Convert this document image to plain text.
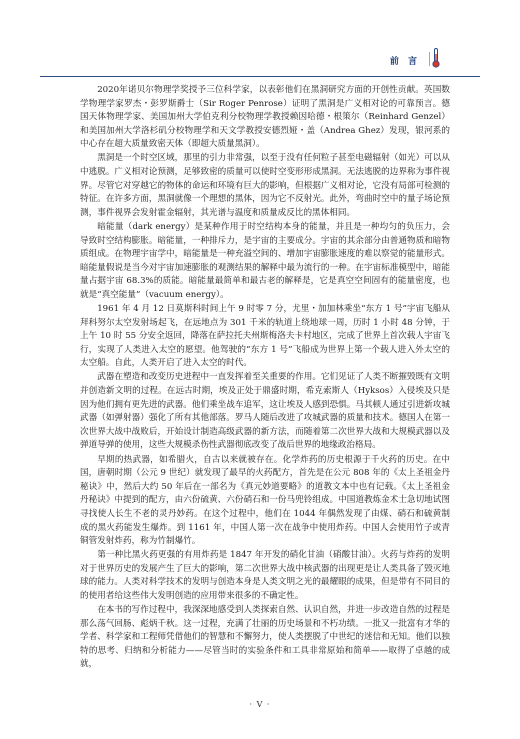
前 言

2020年诺贝尔物理学奖授予三位科学家，以表彰他们在黑洞研究方面的开创性贡献。英国数学物理学家罗杰・彭罗斯爵士（Sir Roger Penrose）证明了黑洞是广义相对论的可靠预言。德国天体物理学家、美国加州大学伯克利分校物理学教授赖因哈德・根策尔（Reinhard Genzel）和美国加州大学洛杉矶分校物理学和天文学教授安德烈娅・盖（Andrea Ghez）发现，银河系的中心存在超大质量致密天体（即超大质量黑洞）。

黑洞是一个时空区域，那里的引力非常强，以至于没有任何粒子甚至电磁辐射（如光）可以从中逃脱。广义相对论预测，足够致密的质量可以使时空变形形成黑洞。无法逃脱的边界称为事件视界。尽管它对穿越它的物体的命运和环境有巨大的影响，但根据广义相对论，它没有局部可检测的特征。在许多方面，黑洞就像一个理想的黑体，因为它不反射光。此外，弯曲时空中的量子场论预测，事件视界会发射霍金辐射，其光谱与温度和质量成反比的黑体相同。

暗能量（dark energy）是某种作用于时空结构本身的能量，并且是一种均匀的负压力，会导致时空结构膨胀。暗能量，一种排斥力，是宇宙的主要成分。宇宙的其余部分由普通物质和暗物质组成。在物理宇宙学中，暗能量是一种充溢空间的、增加宇宙膨胀速度的难以察觉的能量形式。暗能量假说是当今对宇宙加速膨胀的观测结果的解释中最为流行的一种。在宇宙标准模型中，暗能量占据宇宙 68.3%的质能。暗能量最简单和最古老的解释是，它是真空空间固有的能量密度，也就是“真空能量”（vacuum energy）。

1961 年 4 月 12 日莫斯科时间上午 9 时零 7 分，尤里・加加林乘坐“东方 1 号”宇宙飞船从拜科努尔太空发射场起飞，在远地点为 301 千米的轨道上绕地球一周，历时 1 小时 48 分钟，于上午 10 时 55 分安全返回，降落在萨拉托夫州斯梅洛夫卡村地区，完成了世界上首次载人宇宙飞行，实现了人类进入太空的愿望。他驾驶的“东方 1 号”飞船成为世界上第一个载人进入外太空的太空船。自此，人类开启了进入太空的时代。

武器在塑造和改变历史进程中一直发挥着至关重要的作用。它们见证了人类不断摧毁既有文明并创造新文明的过程。在远古时期，埃及正处于鼎盛时期，希克索斯人（Hyksos）入侵埃及只是因为他们拥有更先进的武器。他们乘坐战车追军，这让埃及人感到恐惧。马其顿人通过引进新攻城武器（如弹射器）强化了所有其他部落。罗马人随后改进了攻城武器的质量和技术。德国人在第一次世界大战中战败后，开始设计制造高级武器的新方法，而随着第二次世界大战和大规模武器以及弹道导弹的使用，这些大规模杀伤性武器彻底改变了战后世界的地缘政治格局。

早期的热武器，如希腊火，自古以来就被存在。化学炸药的历史根源于千火药的历史。在中国，唐朝时期（公元 9 世纪）就发现了最早的火药配方，首先是在公元 808 年的《太上圣祖金丹秘诀》中，然后大约 50 年后在一部名为《真元妙道要略》的道教文本中也有记载。《太上圣祖金丹秘诀》中提到的配方，由六份硫黄、六份硝石和一份马兜铃组成。中国道教炼金术士急切地试图寻找使人长生不老的灵丹妙药。在这个过程中，他们在 1044 年偶然发现了由煤、硝石和硫黄制成的黑火药能发生爆炸。到 1161 年，中国人第一次在战争中使用炸药。中国人会使用竹子或青铜管发射炸药，称为竹制爆竹。

第一种比黑火药更强的有用炸药是 1847 年开发的硝化甘油（硝酸甘油）。火药与炸药的发明对于世界历史的发展产生了巨大的影响，第二次世界大战中核武器的出现更是让人类具备了毁灭地球的能力。人类对科学技术的发明与创造本身是人类文明之光的最耀眼的成果，但是带有不同目的的使用者给这些伟大发明创造的应用带来很多的不确定性。

在本书的写作过程中，我深深地感受到人类探索自然、认识自然，并进一步改造自然的过程是那么荡气回肠、彪炳千秋。这一过程，充满了壮丽的历史场景和不朽功绩。一批又一批富有才华的学者、科学家和工程师凭借他们的智慧和不懈努力，使人类摆脱了中世纪的迷信和无知。他们以独特的思考、归纳和分析能力——尽管当时的实验条件和工具非常原始和简单——取得了卓越的成就，

· V ·
